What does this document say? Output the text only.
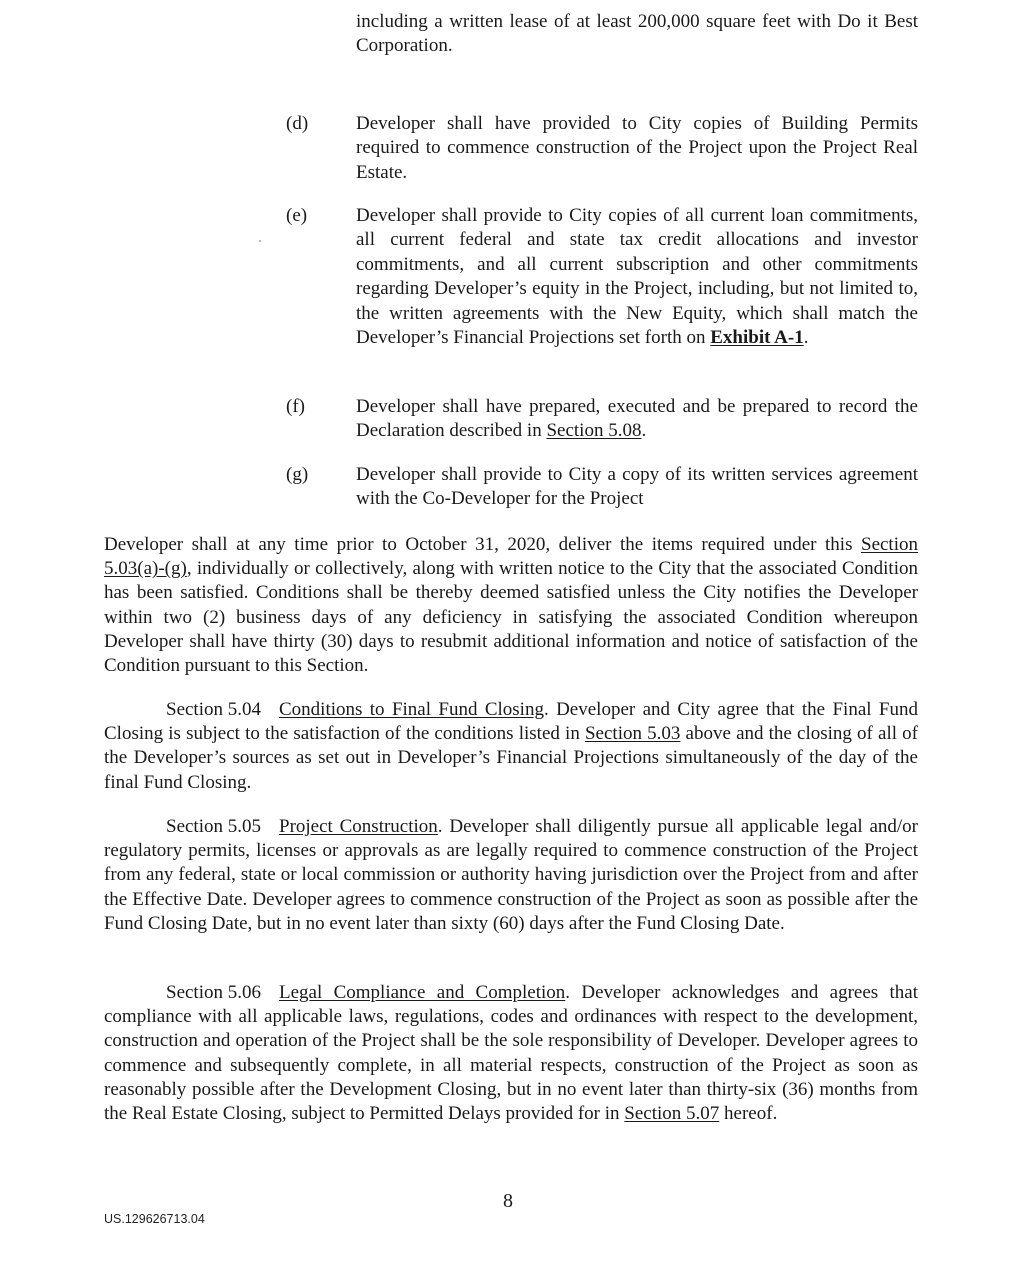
including a written lease of at least 200,000 square feet with Do it Best Corporation.
(d)	Developer shall have provided to City copies of Building Permits required to commence construction of the Project upon the Project Real Estate.
(e)	Developer shall provide to City copies of all current loan commitments, all current federal and state tax credit allocations and investor commitments, and all current subscription and other commitments regarding Developer’s equity in the Project, including, but not limited to, the written agreements with the New Equity, which shall match the Developer’s Financial Projections set forth on Exhibit A-1.
(f)	Developer shall have prepared, executed and be prepared to record the Declaration described in Section 5.08.
(g)	Developer shall provide to City a copy of its written services agreement with the Co-Developer for the Project
Developer shall at any time prior to October 31, 2020, deliver the items required under this Section 5.03(a)-(g), individually or collectively, along with written notice to the City that the associated Condition has been satisfied. Conditions shall be thereby deemed satisfied unless the City notifies the Developer within two (2) business days of any deficiency in satisfying the associated Condition whereupon Developer shall have thirty (30) days to resubmit additional information and notice of satisfaction of the Condition pursuant to this Section.
Section 5.04 Conditions to Final Fund Closing. Developer and City agree that the Final Fund Closing is subject to the satisfaction of the conditions listed in Section 5.03 above and the closing of all of the Developer’s sources as set out in Developer’s Financial Projections simultaneously of the day of the final Fund Closing.
Section 5.05 Project Construction. Developer shall diligently pursue all applicable legal and/or regulatory permits, licenses or approvals as are legally required to commence construction of the Project from any federal, state or local commission or authority having jurisdiction over the Project from and after the Effective Date. Developer agrees to commence construction of the Project as soon as possible after the Fund Closing Date, but in no event later than sixty (60) days after the Fund Closing Date.
Section 5.06 Legal Compliance and Completion. Developer acknowledges and agrees that compliance with all applicable laws, regulations, codes and ordinances with respect to the development, construction and operation of the Project shall be the sole responsibility of Developer. Developer agrees to commence and subsequently complete, in all material respects, construction of the Project as soon as reasonably possible after the Development Closing, but in no event later than thirty-six (36) months from the Real Estate Closing, subject to Permitted Delays provided for in Section 5.07 hereof.
8
US.129626713.04
